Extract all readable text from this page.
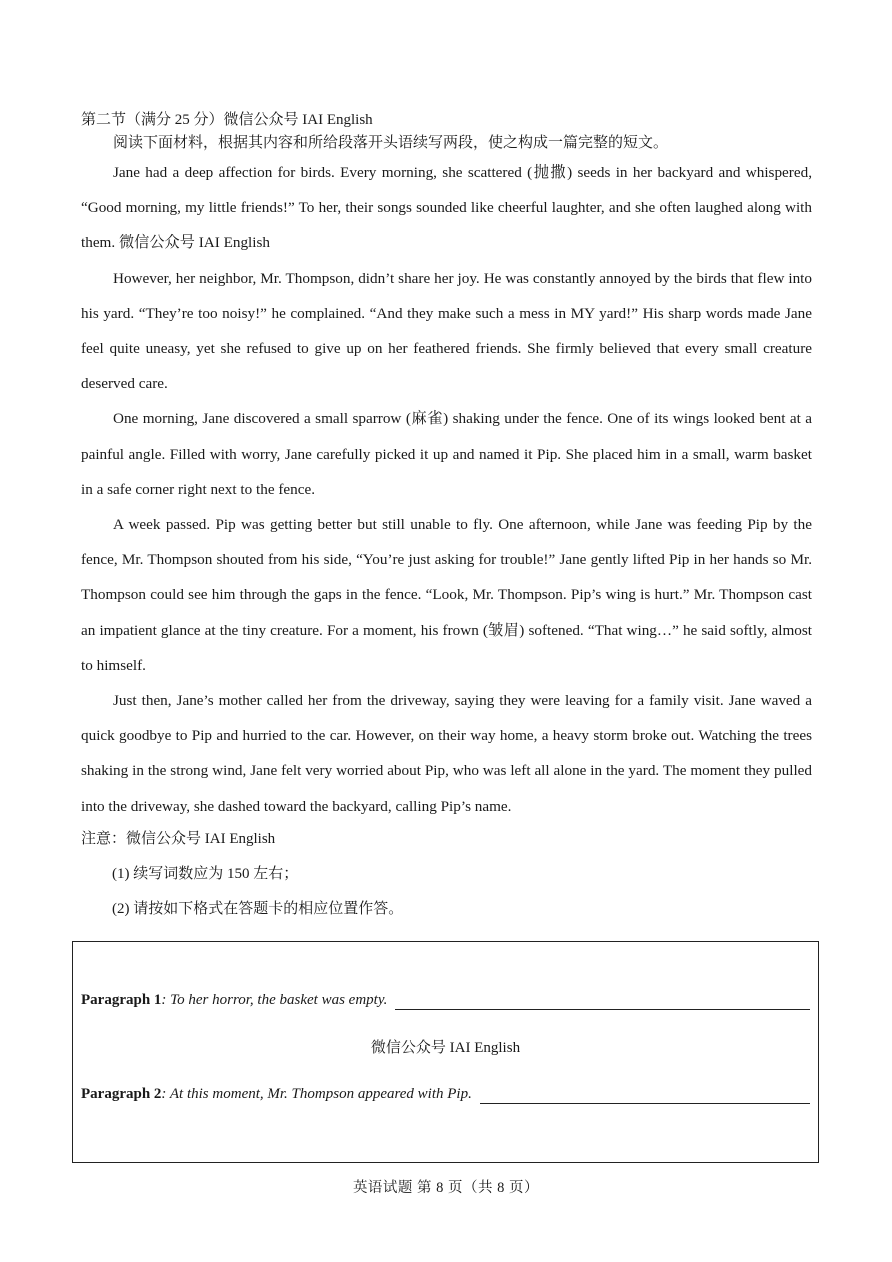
第二节（满分 25 分）微信公众号 IAI English
阅读下面材料，根据其内容和所给段落开头语续写两段，使之构成一篇完整的短文。

Jane had a deep affection for birds. Every morning, she scattered (抛撒) seeds in her backyard and whispered, “Good morning, my little friends!” To her, their songs sounded like cheerful laughter, and she often laughed along with them. 微信公众号 IAI English

However, her neighbor, Mr. Thompson, didn’t share her joy. He was constantly annoyed by the birds that flew into his yard. “They’re too noisy!” he complained. “And they make such a mess in MY yard!” His sharp words made Jane feel quite uneasy, yet she refused to give up on her feathered friends. She firmly believed that every small creature deserved care.

One morning, Jane discovered a small sparrow (麻雀) shaking under the fence. One of its wings looked bent at a painful angle. Filled with worry, Jane carefully picked it up and named it Pip. She placed him in a small, warm basket in a safe corner right next to the fence.

A week passed. Pip was getting better but still unable to fly. One afternoon, while Jane was feeding Pip by the fence, Mr. Thompson shouted from his side, “You’re just asking for trouble!” Jane gently lifted Pip in her hands so Mr. Thompson could see him through the gaps in the fence. “Look, Mr. Thompson. Pip’s wing is hurt.” Mr. Thompson cast an impatient glance at the tiny creature. For a moment, his frown (皱眉) softened. “That wing…” he said softly, almost to himself.

Just then, Jane’s mother called her from the driveway, saying they were leaving for a family visit. Jane waved a quick goodbye to Pip and hurried to the car. However, on their way home, a heavy storm broke out. Watching the trees shaking in the strong wind, Jane felt very worried about Pip, who was left all alone in the yard. The moment they pulled into the driveway, she dashed toward the backyard, calling Pip’s name.

注意：微信公众号 IAI English

(1) 续写词数应为 150 左右；

(2) 请按如下格式在答题卡的相应位置作答。

Paragraph 1 : To her horror, the basket was empty.
微信公众号 IAI English
Paragraph 2 : At this moment, Mr. Thompson appeared with Pip.
英语试题 第 8 页（共 8 页）
